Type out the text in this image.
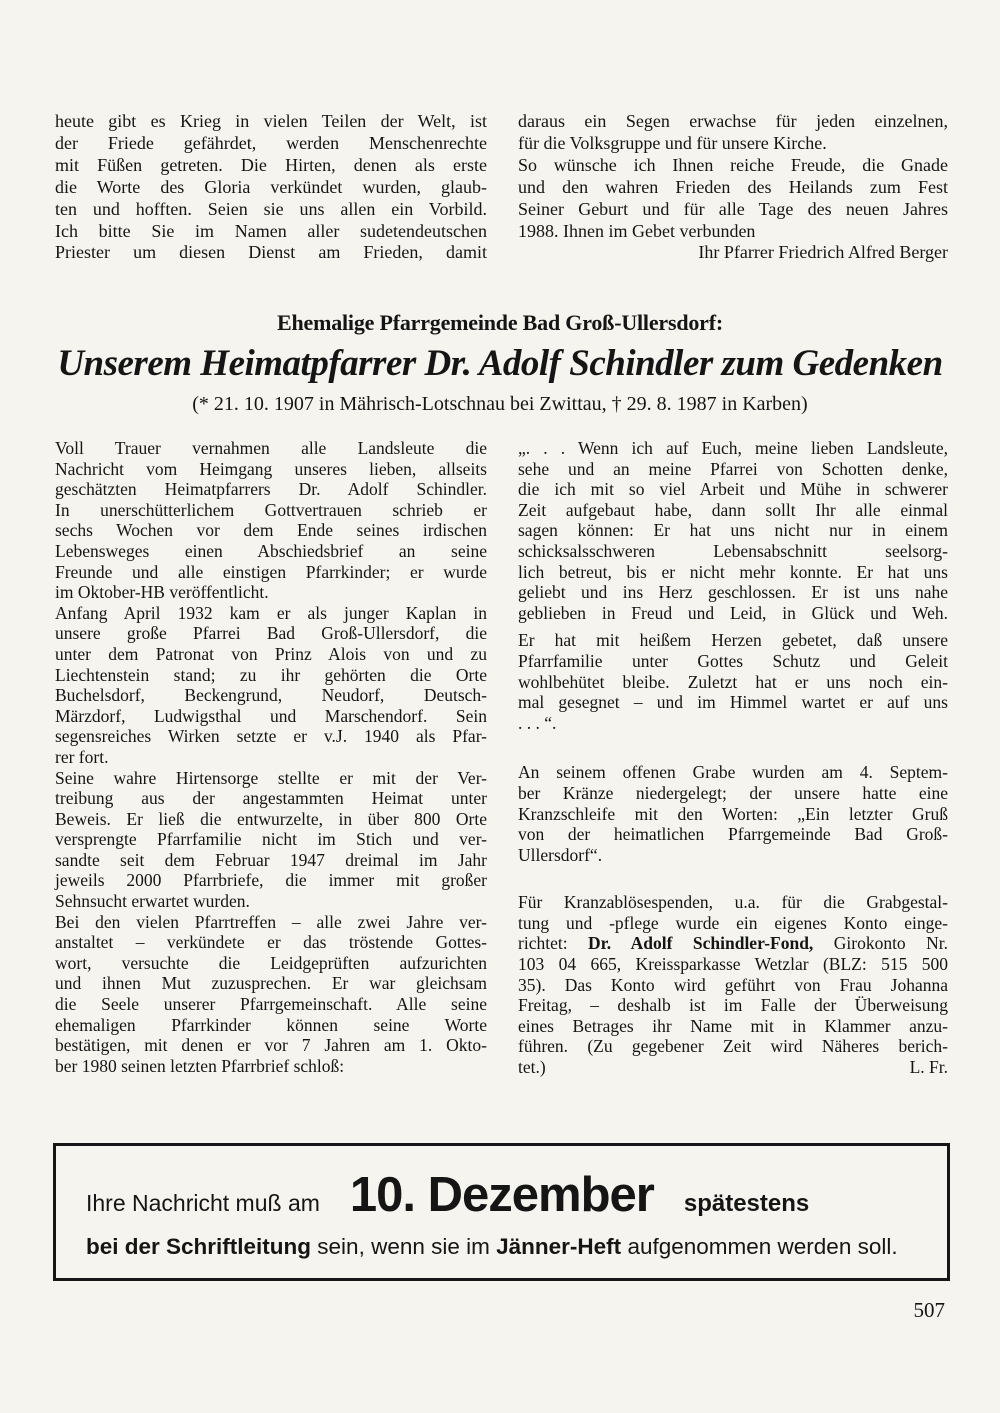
heute gibt es Krieg in vielen Teilen der Welt, ist
der Friede gefährdet, werden Menschenrechte
mit Füßen getreten. Die Hirten, denen als erste
die Worte des Gloria verkündet wurden, glaub-
ten und hofften. Seien sie uns allen ein Vorbild.
Ich bitte Sie im Namen aller sudetendeutschen
Priester um diesen Dienst am Frieden, damit
daraus ein Segen erwachse für jeden einzelnen,
für die Volksgruppe und für unsere Kirche.
So wünsche ich Ihnen reiche Freude, die Gnade
und den wahren Frieden des Heilands zum Fest
Seiner Geburt und für alle Tage des neuen Jahres
1988. Ihnen im Gebet verbunden
Ihr Pfarrer Friedrich Alfred Berger
Ehemalige Pfarrgemeinde Bad Groß-Ullersdorf:
Unserem Heimatpfarrer Dr. Adolf Schindler zum Gedenken
(* 21. 10. 1907 in Mährisch-Lotschnau bei Zwittau, † 29. 8. 1987 in Karben)
Voll Trauer vernahmen alle Landsleute die
Nachricht vom Heimgang unseres lieben, allseits
geschätzten Heimatpfarrers Dr. Adolf Schindler.
In unerschütterlichem Gottvertrauen schrieb er
sechs Wochen vor dem Ende seines irdischen
Lebensweges einen Abschiedsbrief an seine
Freunde und alle einstigen Pfarrkinder; er wurde
im Oktober-HB veröffentlicht.
Anfang April 1932 kam er als junger Kaplan in
unsere große Pfarrei Bad Groß-Ullersdorf, die
unter dem Patronat von Prinz Alois von und zu
Liechtenstein stand; zu ihr gehörten die Orte
Buchelsdorf, Beckengrund, Neudorf, Deutsch-
Märzdorf, Ludwigsthal und Marschendorf. Sein
segensreiches Wirken setzte er v.J. 1940 als Pfar-
rer fort.
Seine wahre Hirtensorge stellte er mit der Ver-
treibung aus der angestammten Heimat unter
Beweis. Er ließ die entwurzelte, in über 800 Orte
versprengte Pfarrfamilie nicht im Stich und ver-
sandte seit dem Februar 1947 dreimal im Jahr
jeweils 2000 Pfarrbriefe, die immer mit großer
Sehnsucht erwartet wurden.
Bei den vielen Pfarrtreffen – alle zwei Jahre ver-
anstaltet – verkündete er das tröstende Gottes-
wort, versuchte die Leidgeprüften aufzurichten
und ihnen Mut zuzusprechen. Er war gleichsam
die Seele unserer Pfarrgemeinschaft. Alle seine
ehemaligen Pfarrkinder können seine Worte
bestätigen, mit denen er vor 7 Jahren am 1. Okto-
ber 1980 seinen letzten Pfarrbrief schloß:
„. . . Wenn ich auf Euch, meine lieben Landsleute,
sehe und an meine Pfarrei von Schotten denke,
die ich mit so viel Arbeit und Mühe in schwerer
Zeit aufgebaut habe, dann sollt Ihr alle einmal
sagen können: Er hat uns nicht nur in einem
schicksalsschweren Lebensabschnitt seelsorg-
lich betreut, bis er nicht mehr konnte. Er hat uns
geliebt und ins Herz geschlossen. Er ist uns nahe
geblieben in Freud und Leid, in Glück und Weh.
Er hat mit heißem Herzen gebetet, daß unsere
Pfarrfamilie unter Gottes Schutz und Geleit
wohlbehütet bleibe. Zuletzt hat er uns noch ein-
mal gesegnet – und im Himmel wartet er auf uns
. . . “.
An seinem offenen Grabe wurden am 4. Septem-
ber Kränze niedergelegt; der unsere hatte eine
Kranzschleife mit den Worten: „Ein letzter Gruß
von der heimatlichen Pfarrgemeinde Bad Groß-
Ullersdorf“.
Für Kranzablösespenden, u.a. für die Grabgestal-
tung und -pflege wurde ein eigenes Konto einge-
richtet: Dr. Adolf Schindler-Fond, Girokonto Nr.
103 04 665, Kreissparkasse Wetzlar (BLZ: 515 500
35). Das Konto wird geführt von Frau Johanna
Freitag, – deshalb ist im Falle der Überweisung
eines Betrages ihr Name mit in Klammer anzu-
führen. (Zu gegebener Zeit wird Näheres berich-
tet.)	L. Fr.
Ihre Nachricht muß am 10. Dezember spätestens
bei der Schriftleitung sein, wenn sie im Jänner-Heft aufgenommen werden soll.
507
